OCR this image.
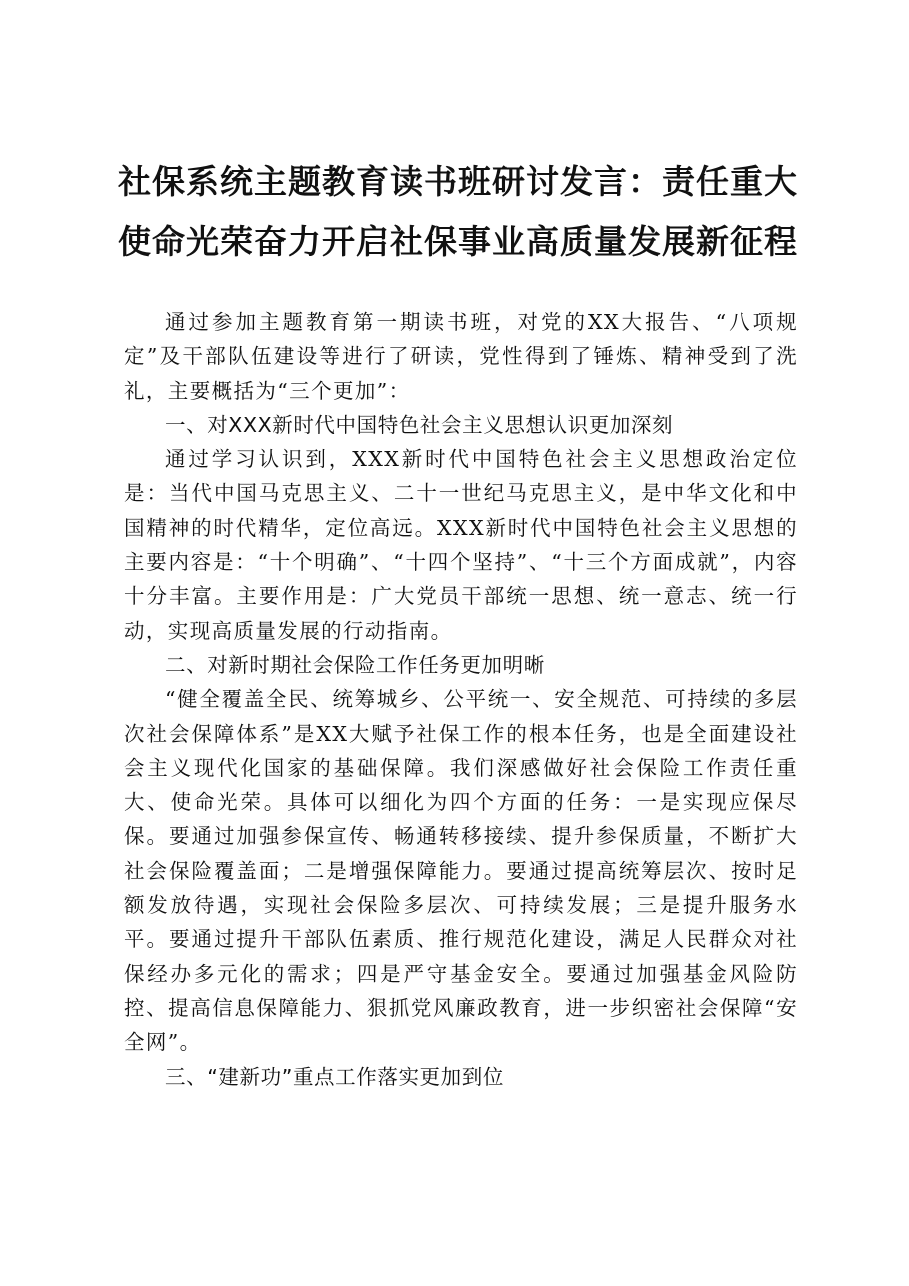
社保系统主题教育读书班研讨发言：责任重大
使命光荣奋力开启社保事业高质量发展新征程

通过参加主题教育第一期读书班，对党的XX大报告、“八项规定”及干部队伍建设等进行了研读，党性得到了锤炼、精神受到了洗礼，主要概括为“三个更加”：

一、对XXX新时代中国特色社会主义思想认识更加深刻

通过学习认识到，XXX新时代中国特色社会主义思想政治定位是：当代中国马克思主义、二十一世纪马克思主义，是中华文化和中国精神的时代精华，定位高远。XXX新时代中国特色社会主义思想的主要内容是：“十个明确”、“十四个坚持”、“十三个方面成就”，内容十分丰富。主要作用是：广大党员干部统一思想、统一意志、统一行动，实现高质量发展的行动指南。

二、对新时期社会保险工作任务更加明晰

“健全覆盖全民、统筹城乡、公平统一、安全规范、可持续的多层次社会保障体系”是XX大赋予社保工作的根本任务，也是全面建设社会主义现代化国家的基础保障。我们深感做好社会保险工作责任重大、使命光荣。具体可以细化为四个方面的任务：一是实现应保尽保。要通过加强参保宣传、畅通转移接续、提升参保质量，不断扩大社会保险覆盖面；二是增强保障能力。要通过提高统筹层次、按时足额发放待遇，实现社会保险多层次、可持续发展；三是提升服务水平。要通过提升干部队伍素质、推行规范化建设，满足人民群众对社保经办多元化的需求；四是严守基金安全。要通过加强基金风险防控、提高信息保障能力、狠抓党风廉政教育，进一步织密社会保障“安全网”。

三、“建新功”重点工作落实更加到位
